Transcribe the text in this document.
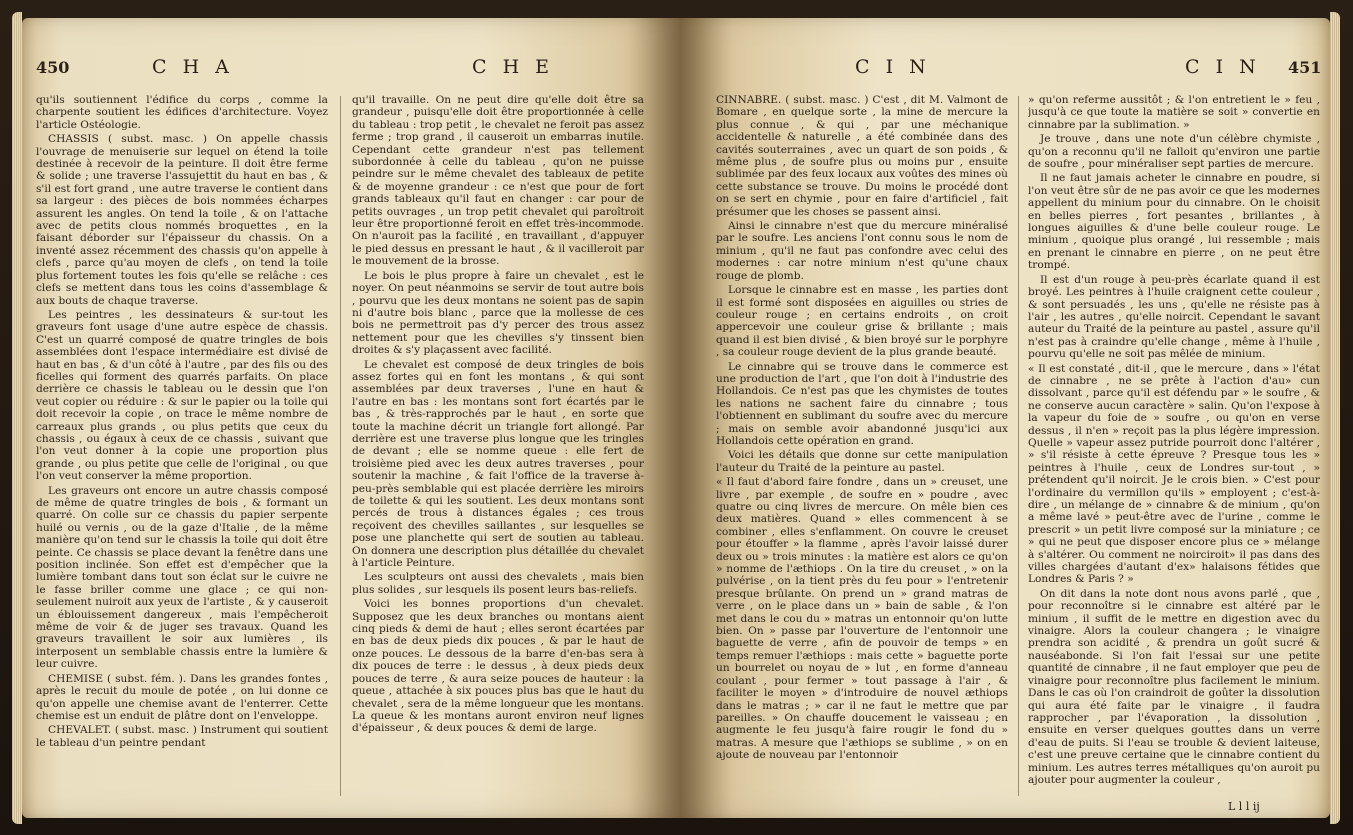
450	C H A	C H E

qu'ils soutiennent l'édifice du corps , comme la charpente soutient les édifices d'architecture. Voyez l'article Ostéologie.

CHASSIS ( subst. masc. ) On appelle chassis l'ouvrage de menuiserie sur lequel on étend la toile destinée à recevoir de la peinture. Il doit être ferme & solide ; une traverse l'assujettit du haut en bas , & s'il est fort grand , une autre traverse le contient dans sa largeur : des pièces de bois nommées écharpes assurent les angles. On tend la toile , & on l'attache avec de petits clous nommés broquettes , en la faisant déborder sur l'épaisseur du chassis. On a inventé assez récemment des chassis qu'on appelle à clefs , parce qu'au moyen de clefs , on tend la toile plus fortement toutes les fois qu'elle se relâche : ces clefs se mettent dans tous les coins d'assemblage & aux bouts de chaque traverse.

Les peintres , les dessinateurs & sur-tout les graveurs font usage d'une autre espèce de chassis. C'est un quarré composé de quatre tringles de bois assemblées dont l'espace intermédiaire est divisé de haut en bas , & d'un côté à l'autre , par des fils ou des ficelles qui forment des quarrés parfaits. On place derrière ce chassis le tableau ou le dessin que l'on veut copier ou réduire : & sur le papier ou la toile qui doit recevoir la copie , on trace le même nombre de carreaux plus grands , ou plus petits que ceux du chassis , ou égaux à ceux de ce chassis , suivant que l'on veut donner à la copie une proportion plus grande , ou plus petite que celle de l'original , ou que l'on veut conserver la même proportion.

Les graveurs ont encore un autre chassis composé de même de quatre tringles de bois , & formant un quarré. On colle sur ce chassis du papier serpente huilé ou vernis , ou de la gaze d'Italie , de la même manière qu'on tend sur le chassis la toile qui doit être peinte. Ce chassis se place devant la fenêtre dans une position inclinée. Son effet est d'empêcher que la lumière tombant dans tout son éclat sur le cuivre ne le fasse briller comme une glace ; ce qui non-seulement nuiroit aux yeux de l'artiste , & y causeroit un éblouissement dangereux , mais l'empêcheroit même de voir & de juger ses travaux. Quand les graveurs travaillent le soir aux lumières , ils interposent un semblable chassis entre la lumière & leur cuivre.

CHEMISE ( subst. fém. ). Dans les grandes fontes , après le recuit du moule de potée , on lui donne ce qu'on appelle une chemise avant de l'enterrer. Cette chemise est un enduit de plâtre dont on l'enveloppe.

CHEVALET. ( subst. masc. ) Instrument qui soutient le tableau d'un peintre pendant

qu'il travaille. On ne peut dire qu'elle doit être sa grandeur , puisqu'elle doit être proportionnée à celle du tableau : trop petit , le chevalet ne feroit pas assez ferme ; trop grand , il causeroit un embarras inutile. Cependant cette grandeur n'est pas tellement subordonnée à celle du tableau , qu'on ne puisse peindre sur le même chevalet des tableaux de petite & de moyenne grandeur : ce n'est que pour de fort grands tableaux qu'il faut en changer : car pour de petits ouvrages , un trop petit chevalet qui paroîtroit leur être proportionné feroit en effet très-incommode. On n'auroit pas la facilité , en travaillant , d'appuyer le pied dessus en pressant le haut , & il vacilleroit par le mouvement de la brosse.

Le bois le plus propre à faire un chevalet , est le noyer. On peut néanmoins se servir de tout autre bois , pourvu que les deux montans ne soient pas de sapin ni d'autre bois blanc , parce que la mollesse de ces bois ne permettroit pas d'y percer des trous assez nettement pour que les chevilles s'y tinssent bien droites & s'y plaçassent avec facilité.

Le chevalet est composé de deux tringles de bois assez fortes qui en font les montans , & qui sont assemblées par deux traverses , l'une en haut & l'autre en bas : les montans sont fort écartés par le bas , & très-rapprochés par le haut , en sorte que toute la machine décrit un triangle fort allongé. Par derrière est une traverse plus longue que les tringles de devant ; elle se nomme queue : elle fert de troisième pied avec les deux autres traverses , pour soutenir la machine , & fait l'office de la traverse à-peu-près semblable qui est placée derrière les miroirs de toilette & qui les soutient. Les deux montans sont percés de trous à distances égales ; ces trous reçoivent des chevilles saillantes , sur lesquelles se pose une planchette qui sert de soutien au tableau. On donnera une description plus détaillée du chevalet à l'article Peinture.

Les sculpteurs ont aussi des chevalets , mais bien plus solides , sur lesquels ils posent leurs bas-reliefs.

Voici les bonnes proportions d'un chevalet. Supposez que les deux branches ou montans aient cinq pieds & demi de haut ; elles seront écartées par en bas de deux pieds dix pouces , & par le haut de onze pouces. Le dessous de la barre d'en-bas sera à dix pouces de terre : le dessus , à deux pieds deux pouces de terre , & aura seize pouces de hauteur : la queue , attachée à six pouces plus bas que le haut du chevalet , sera de la même longueur que les montans. La queue & les montans auront environ neuf lignes d'épaisseur , & deux pouces & demi de large.

C I N	C I N 451

CINNABRE. ( subst. masc. ) C'est , dit M. Valmont de Bomare , en quelque sorte , la mine de mercure la plus connue , & qui , par une méchanique accidentelle & naturelle , a été combinée dans des cavités souterraines , avec un quart de son poids , & même plus , de soufre plus ou moins pur , ensuite sublimée par des feux locaux aux voûtes des mines où cette substance se trouve. Du moins le procédé dont on se sert en chymie , pour en faire d'artificiel , fait présumer que les choses se passent ainsi.

Ainsi le cinnabre n'est que du mercure minéralisé par le soufre. Les anciens l'ont connu sous le nom de minium , qu'il ne faut pas confondre avec celui des modernes : car notre minium n'est qu'une chaux rouge de plomb.

Lorsque le cinnabre est en masse , les parties dont il est formé sont disposées en aiguilles ou stries de couleur rouge ; en certains endroits , on croit appercevoir une couleur grise & brillante ; mais quand il est bien divisé , & bien broyé sur le porphyre , sa couleur rouge devient de la plus grande beauté.

Le cinnabre qui se trouve dans le commerce est une production de l'art , que l'on doit à l'industrie des Hollandois. Ce n'est pas que les chymistes de toutes les nations ne sachent faire du cinnabre ; tous l'obtiennent en sublimant du soufre avec du mercure ; mais on semble avoir abandonné jusqu'ici aux Hollandois cette opération en grand.

Voici les détails que donne sur cette manipulation l'auteur du Traité de la peinture au pastel.

« Il faut d'abord faire fondre , dans un » creuset, une livre , par exemple , de soufre en » poudre , avec quatre ou cinq livres de mercure. On mêle bien ces deux matières. Quand » elles commencent à se combiner , elles s'enflamment. On couvre le creuset pour étouffer » la flamme , après l'avoir laissé durer deux ou » trois minutes : la matière est alors ce qu'on » nomme de l'æthiops . On la tire du creuset , » on la pulvérise , on la tient près du feu pour » l'entretenir presque brûlante. On prend un » grand matras de verre , on le place dans un » bain de sable , & l'on met dans le cou du » matras un entonnoir qu'on lutte bien. On » passe par l'ouverture de l'entonnoir une baguette de verre , afin de pouvoir de temps » en temps remuer l'æthiops : mais cette » baguette porte un bourrelet ou noyau de » lut , en forme d'anneau coulant , pour fermer » tout passage à l'air , & faciliter le moyen » d'introduire de nouvel æthiops dans le matras ; » car il ne faut le mettre que par pareilles. » On chauffe doucement le vaisseau ; en augmente le feu jusqu'à faire rougir le fond du » matras. A mesure que l'æthiops se sublime , » on en ajoute de nouveau par l'entonnoir

» qu'on referme aussitôt ; & l'on entretient le » feu , jusqu'à ce que toute la matière se soit » convertie en cinnabre par la sublimation. »

Je trouve , dans une note d'un célèbre chymiste , qu'on a reconnu qu'il ne falloit qu'environ une partie de soufre , pour minéraliser sept parties de mercure.

Il ne faut jamais acheter le cinnabre en poudre, si l'on veut être sûr de ne pas avoir ce que les modernes appellent du minium pour du cinnabre. On le choisit en belles pierres , fort pesantes , brillantes , à longues aiguilles & d'une belle couleur rouge. Le minium , quoique plus orangé , lui ressemble ; mais en prenant le cinnabre en pierre , on ne peut être trompé.

Il est d'un rouge à peu-près écarlate quand il est broyé. Les peintres à l'huile craignent cette couleur , & sont persuadés , les uns , qu'elle ne résiste pas à l'air , les autres , qu'elle noircit. Cependant le savant auteur du Traité de la peinture au pastel , assure qu'il n'est pas à craindre qu'elle change , même à l'huile , pourvu qu'elle ne soit pas mêlée de minium.

« Il est constaté , dit-il , que le mercure , dans » l'état de cinnabre , ne se prête à l'action d'au» cun dissolvant , parce qu'il est défendu par » le soufre , & ne conserve aucun caractère » salin. Qu'on l'expose à la vapeur du foie de » soufre , ou qu'on en verse dessus , il n'en » reçoit pas la plus légère impression. Quelle » vapeur assez putride pourroit donc l'altérer , » s'il résiste à cette épreuve ? Presque tous les » peintres à l'huile , ceux de Londres sur-tout , » prétendent qu'il noircit. Je le crois bien. » C'est pour l'ordinaire du vermillon qu'ils » employent ; c'est-à-dire , un mélange de » cinnabre & de minium , qu'on a même lavé » peut-être avec de l'urine , comme le prescrit » un petit livre composé sur la miniature ; ce » qui ne peut que disposer encore plus ce » mélange à s'altérer. Ou comment ne noirciroit» il pas dans des villes chargées d'autant d'ex» halaisons fétides que Londres & Paris ? »

On dit dans la note dont nous avons parlé , que , pour reconnoître si le cinnabre est altéré par le minium , il suffit de le mettre en digestion avec du vinaigre. Alors la couleur changera ; le vinaigre prendra son acidité , & prendra un goût sucré & nauséabonde. Si l'on fait l'essai sur une petite quantité de cinnabre , il ne faut employer que peu de vinaigre pour reconnoître plus facilement le minium. Dans le cas où l'on craindroit de goûter la dissolution qui aura été faite par le vinaigre , il faudra rapprocher , par l'évaporation , la dissolution , ensuite en verser quelques gouttes dans un verre d'eau de puits. Si l'eau se trouble & devient laiteuse, c'est une preuve certaine que le cinnabre contient du minium. Les autres terres métalliques qu'on auroit pu ajouter pour augmenter la couleur ,

L l l ij
